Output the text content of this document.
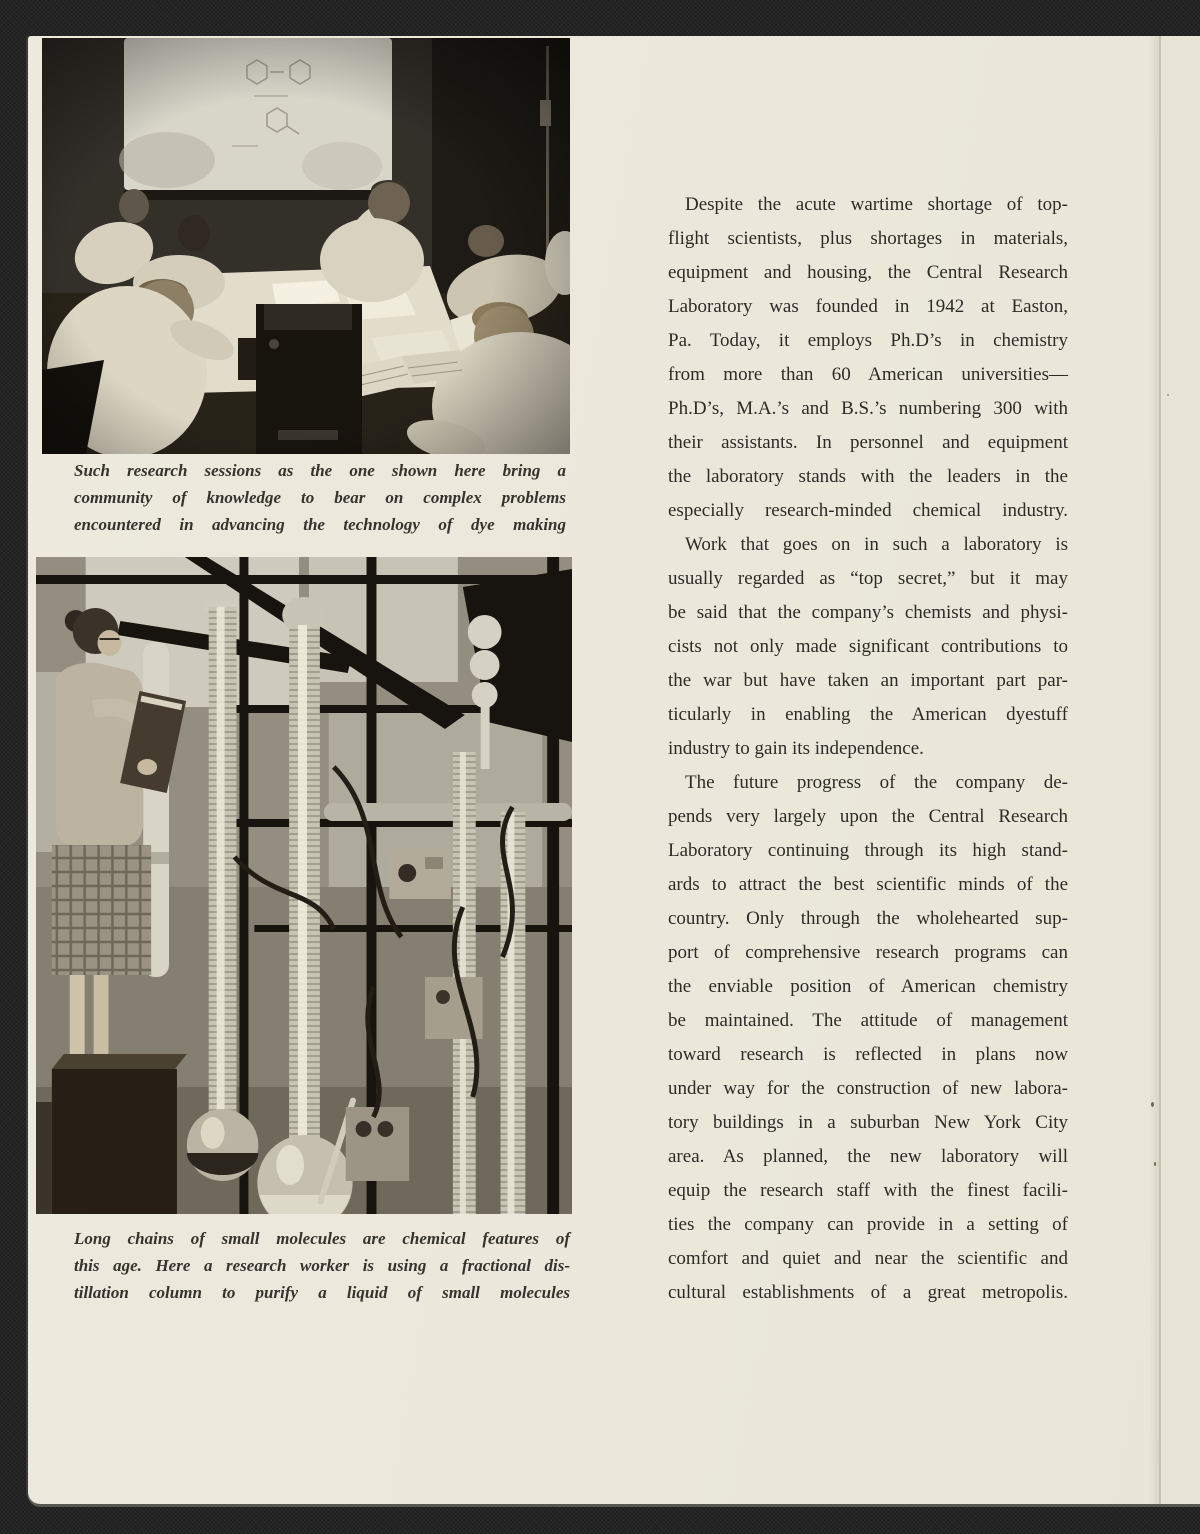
Such research sessions as the one shown here bring a
community of knowledge to bear on complex problems
encountered in advancing the technology of dye making
Long chains of small molecules are chemical features of
this age. Here a research worker is using a fractional dis-
tillation column to purify a liquid of small molecules
Despite the acute wartime shortage of top-
flight scientists, plus shortages in materials,
equipment and housing, the Central Research
Laboratory was founded in 1942 at Easton,
Pa. Today, it employs Ph.D’s in chemistry
from more than 60 American universities—
Ph.D’s, M.A.’s and B.S.’s numbering 300 with
their assistants. In personnel and equipment
the laboratory stands with the leaders in the
especially research-minded chemical industry.
Work that goes on in such a laboratory is
usually regarded as “top secret,” but it may
be said that the company’s chemists and physi-
cists not only made significant contributions to
the war but have taken an important part par-
ticularly in enabling the American dyestuff
industry to gain its independence.
The future progress of the company de-
pends very largely upon the Central Research
Laboratory continuing through its high stand-
ards to attract the best scientific minds of the
country. Only through the wholehearted sup-
port of comprehensive research programs can
the enviable position of American chemistry
be maintained. The attitude of management
toward research is reflected in plans now
under way for the construction of new labora-
tory buildings in a suburban New York City
area. As planned, the new laboratory will
equip the research staff with the finest facili-
ties the company can provide in a setting of
comfort and quiet and near the scientific and
cultural establishments of a great metropolis.
